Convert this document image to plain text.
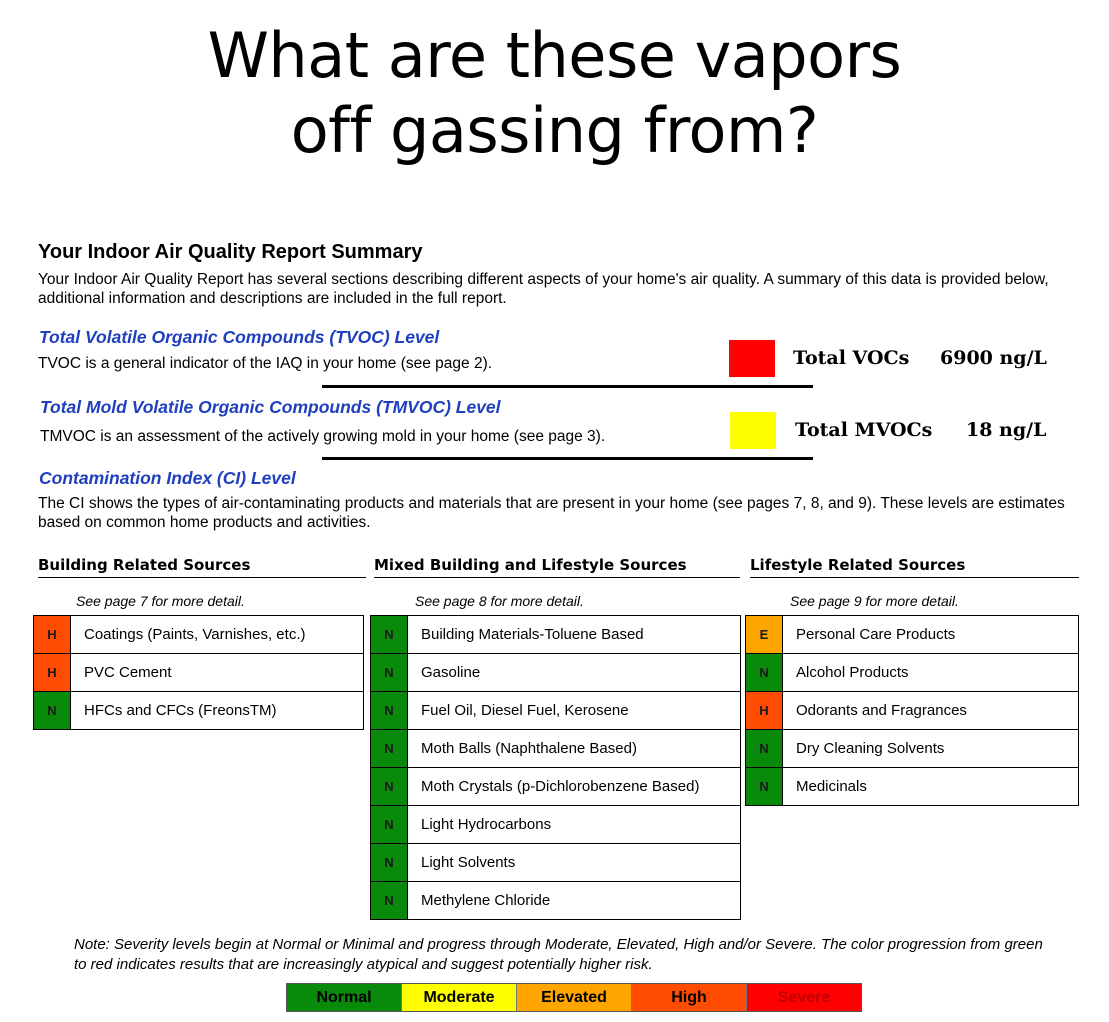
What are these vapors
off gassing from?
Your Indoor Air Quality Report Summary
Your Indoor Air Quality Report has several sections describing different aspects of your home's air quality. A summary of this data is provided below, additional information and descriptions are included in the full report.
Total Volatile Organic Compounds (TVOC) Level
TVOC is a general indicator of the IAQ in your home (see page 2).	Total VOCs 6900 ng/L
Total Mold Volatile Organic Compounds (TMVOC) Level
TMVOC is an assessment of the actively growing mold in your home (see page 3).	Total MVOCs 18 ng/L
Contamination Index (CI) Level
The CI shows the types of air-contaminating products and materials that are present in your home (see pages 7, 8, and 9). These levels are estimates based on common home products and activities.
Building Related Sources
See page 7 for more detail.
H	Coatings (Paints, Varnishes, etc.)
H	PVC Cement
N	HFCs and CFCs (FreonsTM)
Mixed Building and Lifestyle Sources
See page 8 for more detail.
N	Building Materials-Toluene Based
N	Gasoline
N	Fuel Oil, Diesel Fuel, Kerosene
N	Moth Balls (Naphthalene Based)
N	Moth Crystals (p-Dichlorobenzene Based)
N	Light Hydrocarbons
N	Light Solvents
N	Methylene Chloride
Lifestyle Related Sources
See page 9 for more detail.
E	Personal Care Products
N	Alcohol Products
H	Odorants and Fragrances
N	Dry Cleaning Solvents
N	Medicinals
Note: Severity levels begin at Normal or Minimal and progress through Moderate, Elevated, High and/or Severe. The color progression from green to red indicates results that are increasingly atypical and suggest potentially higher risk.
Normal	Moderate	Elevated	High	Severe
